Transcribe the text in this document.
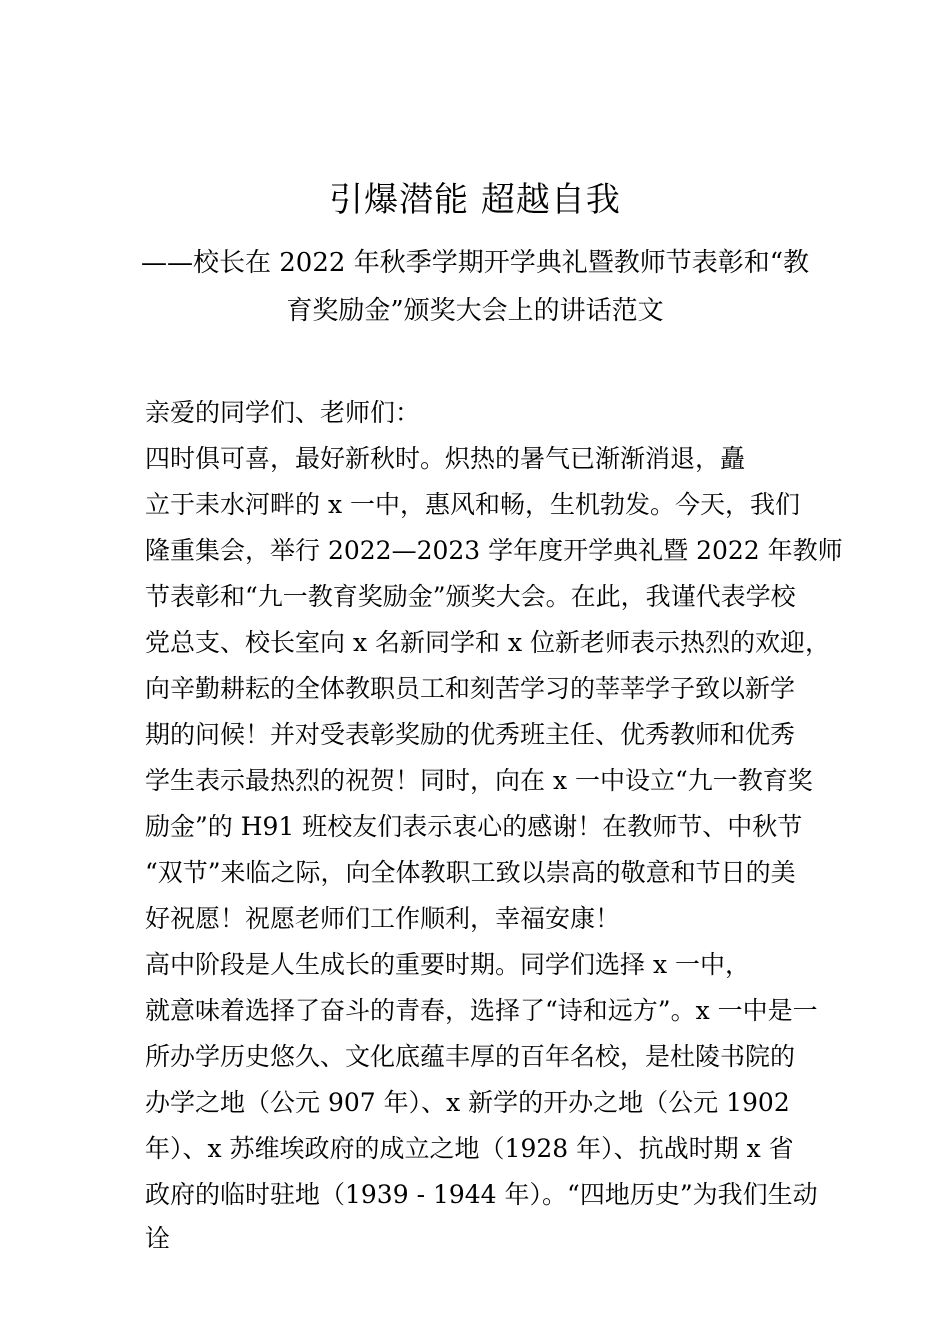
引爆潜能 超越自我
——校长在 2022 年秋季学期开学典礼暨教师节表彰和“教
育奖励金”颁奖大会上的讲话范文
亲爱的同学们、老师们：
四时俱可喜，最好新秋时。炽热的暑气已渐渐消退，矗
立于耒水河畔的 x 一中，惠风和畅，生机勃发。今天，我们
隆重集会，举行 2022—2023 学年度开学典礼暨 2022 年教师
节表彰和“九一教育奖励金”颁奖大会。在此，我谨代表学校
党总支、校长室向 x 名新同学和 x 位新老师表示热烈的欢迎，
向辛勤耕耘的全体教职员工和刻苦学习的莘莘学子致以新学
期的问候！并对受表彰奖励的优秀班主任、优秀教师和优秀
学生表示最热烈的祝贺！同时，向在 x 一中设立“九一教育奖
励金”的 H91 班校友们表示衷心的感谢！在教师节、中秋节
“双节”来临之际，向全体教职工致以崇高的敬意和节日的美
好祝愿！祝愿老师们工作顺利，幸福安康！
高中阶段是人生成长的重要时期。同学们选择 x 一中，
就意味着选择了奋斗的青春，选择了“诗和远方”。x 一中是一
所办学历史悠久、文化底蕴丰厚的百年名校，是杜陵书院的
办学之地（公元 907 年）、x 新学的开办之地（公元 1902
年）、x 苏维埃政府的成立之地（1928 年）、抗战时期 x 省
政府的临时驻地（1939 - 1944 年）。“四地历史”为我们生动
诠
